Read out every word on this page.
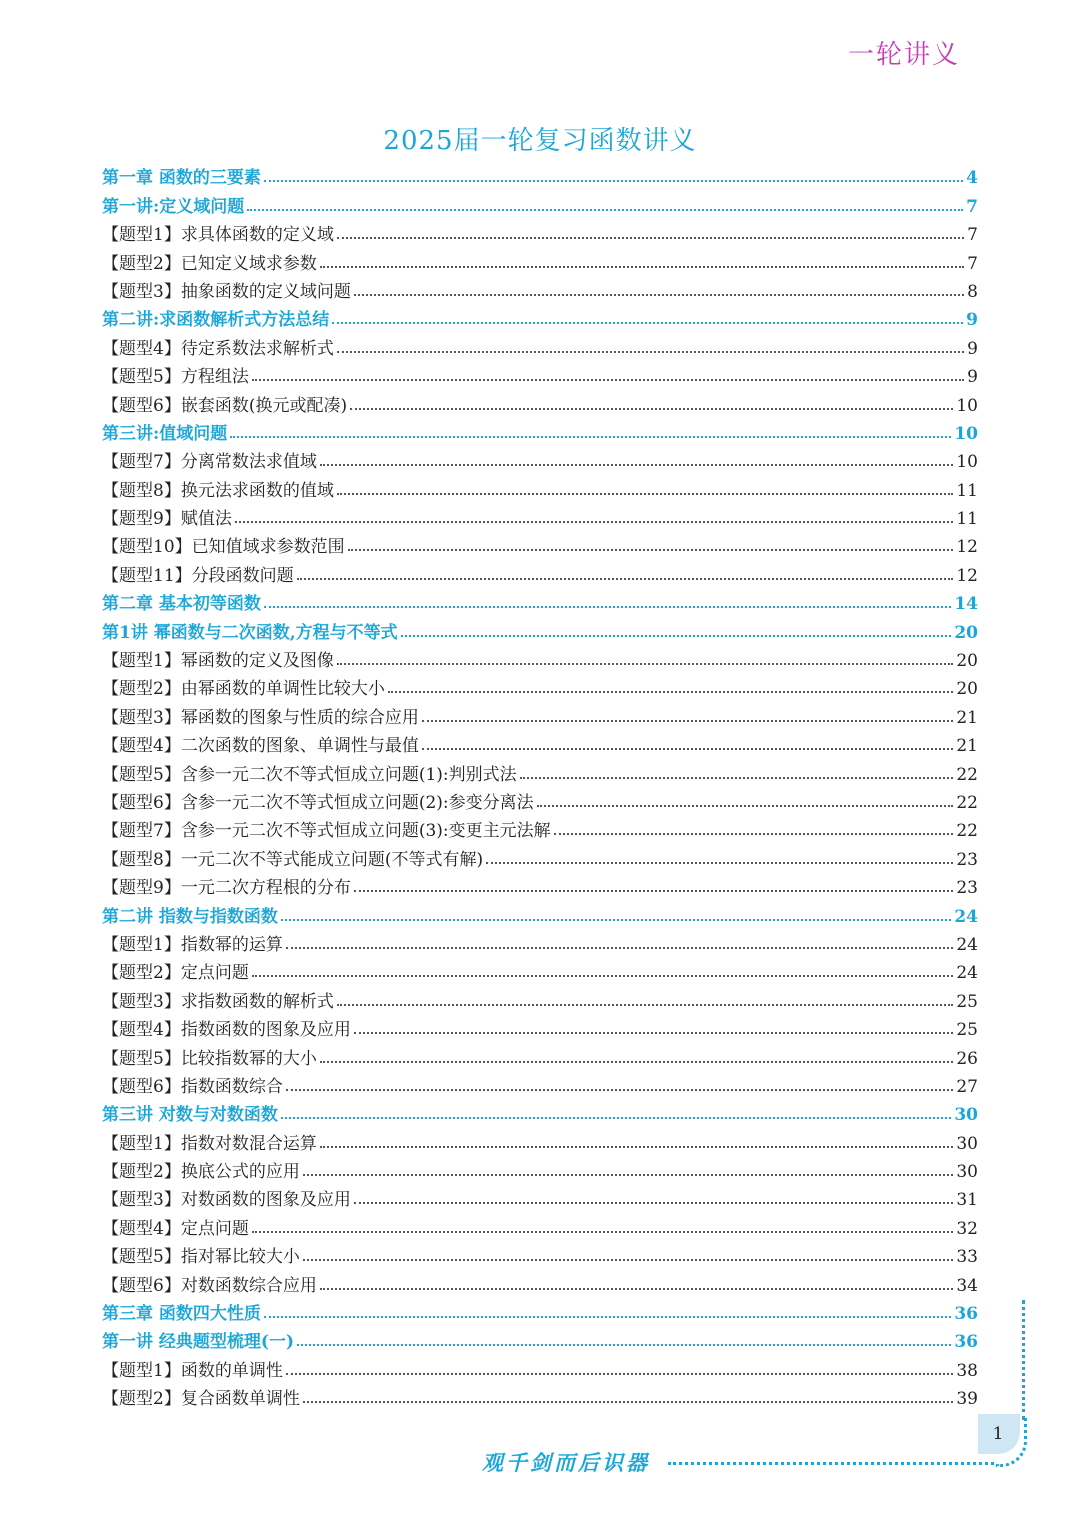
一轮讲义
2025届一轮复习函数讲义
第一章 函数的三要素	4
第一讲:定义域问题	7
【题型1】求具体函数的定义域	7
【题型2】已知定义域求参数	7
【题型3】抽象函数的定义域问题	8
第二讲:求函数解析式方法总结	9
【题型4】待定系数法求解析式	9
【题型5】方程组法	9
【题型6】嵌套函数(换元或配凑)	10
第三讲:值域问题	10
【题型7】分离常数法求值域	10
【题型8】换元法求函数的值域	11
【题型9】赋值法	11
【题型10】已知值域求参数范围	12
【题型11】分段函数问题	12
第二章 基本初等函数	14
第1讲 幂函数与二次函数,方程与不等式	20
【题型1】幂函数的定义及图像	20
【题型2】由幂函数的单调性比较大小	20
【题型3】幂函数的图象与性质的综合应用	21
【题型4】二次函数的图象、单调性与最值	21
【题型5】含参一元二次不等式恒成立问题(1):判别式法	22
【题型6】含参一元二次不等式恒成立问题(2):参变分离法	22
【题型7】含参一元二次不等式恒成立问题(3):变更主元法解	22
【题型8】一元二次不等式能成立问题(不等式有解)	23
【题型9】一元二次方程根的分布	23
第二讲 指数与指数函数	24
【题型1】指数幂的运算	24
【题型2】定点问题	24
【题型3】求指数函数的解析式	25
【题型4】指数函数的图象及应用	25
【题型5】比较指数幂的大小	26
【题型6】指数函数综合	27
第三讲 对数与对数函数	30
【题型1】指数对数混合运算	30
【题型2】换底公式的应用	30
【题型3】对数函数的图象及应用	31
【题型4】定点问题	32
【题型5】指对幂比较大小	33
【题型6】对数函数综合应用	34
第三章 函数四大性质	36
第一讲 经典题型梳理(一)	36
【题型1】函数的单调性	38
【题型2】复合函数单调性	39
1
观千剑而后识器
